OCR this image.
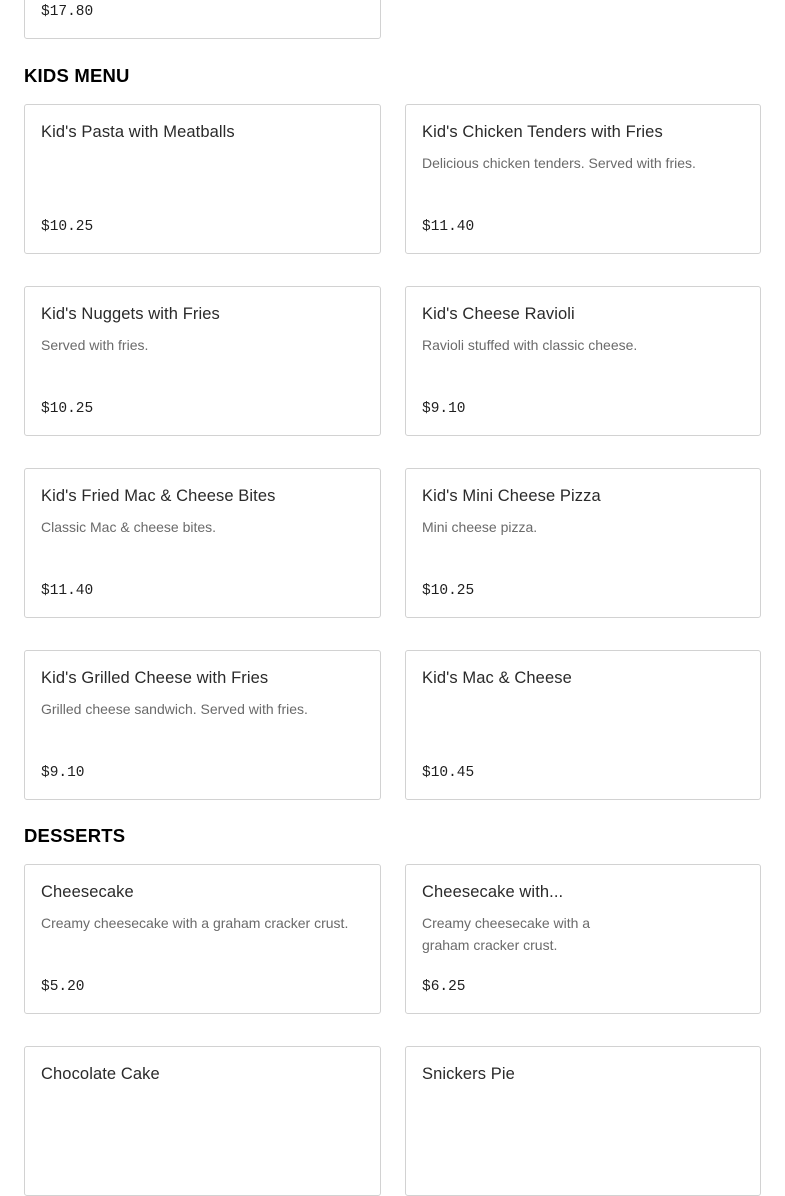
$17.80
KIDS MENU
Kid's Pasta with Meatballs
$10.25
Kid's Chicken Tenders with Fries
Delicious chicken tenders. Served with fries.
$11.40
Kid's Nuggets with Fries
Served with fries.
$10.25
Kid's Cheese Ravioli
Ravioli stuffed with classic cheese.
$9.10
Kid's Fried Mac & Cheese Bites
Classic Mac & cheese bites.
$11.40
Kid's Mini Cheese Pizza
Mini cheese pizza.
$10.25
Kid's Grilled Cheese with Fries
Grilled cheese sandwich. Served with fries.
$9.10
Kid's Mac & Cheese
$10.45
DESSERTS
Cheesecake
Creamy cheesecake with a graham cracker crust.
$5.20
Cheesecake with...
Creamy cheesecake with a graham cracker crust.
$6.25
Chocolate Cake	Snickers Pie
